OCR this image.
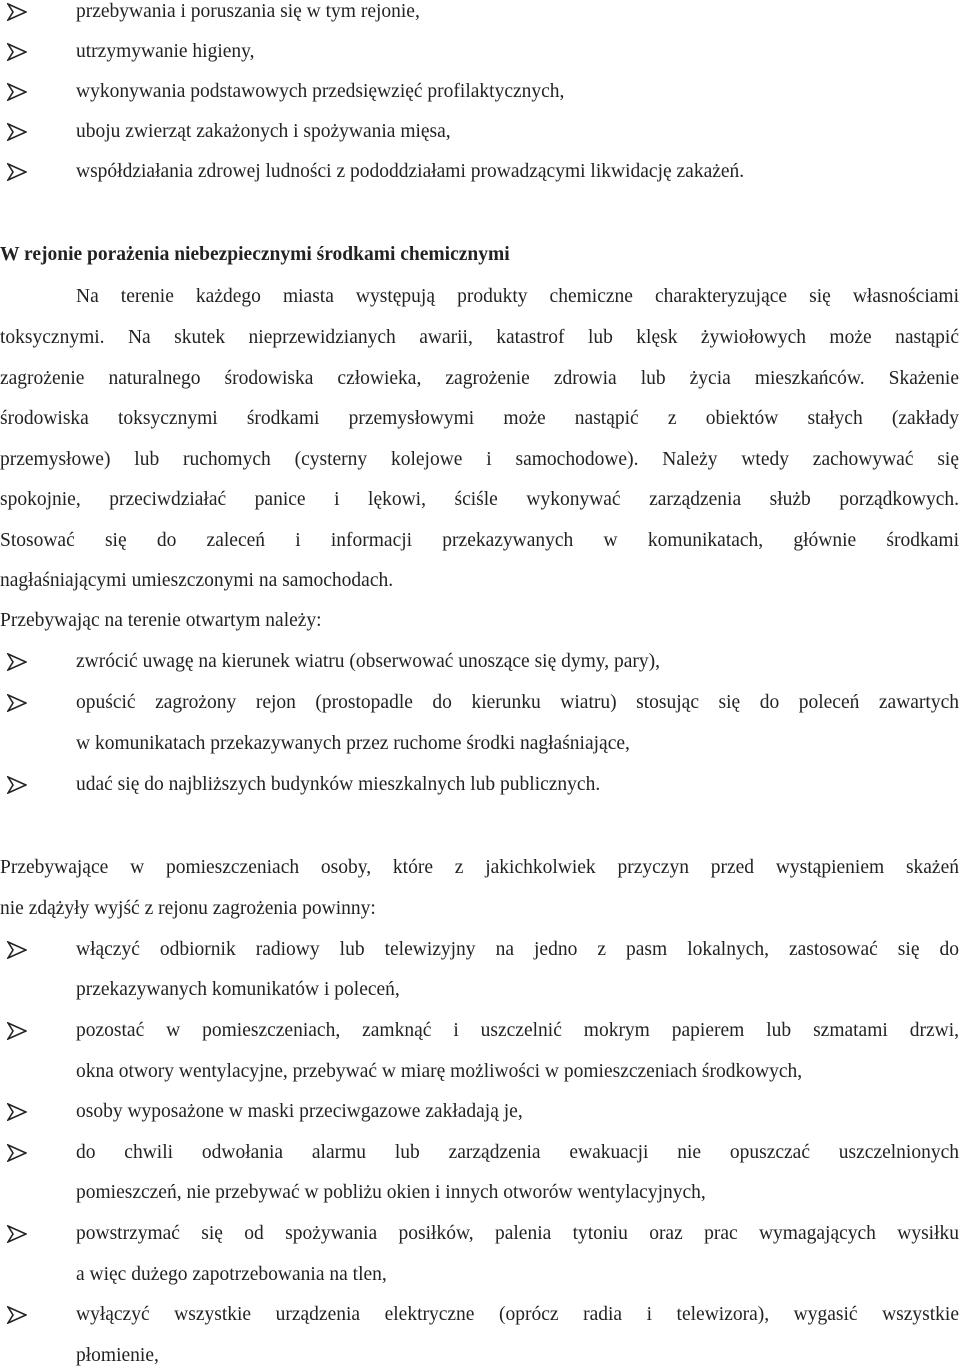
przebywania i poruszania się w tym rejonie,
utrzymywanie higieny,
wykonywania podstawowych przedsięwzięć profilaktycznych,
uboju zwierząt zakażonych i spożywania mięsa,
współdziałania zdrowej ludności z pododdziałami prowadzącymi likwidację zakażeń.
W rejonie porażenia niebezpiecznymi środkami chemicznymi
Na terenie każdego miasta występują produkty chemiczne charakteryzujące się własnościami
toksycznymi. Na skutek nieprzewidzianych awarii, katastrof lub klęsk żywiołowych może nastąpić
zagrożenie naturalnego środowiska człowieka, zagrożenie zdrowia lub życia mieszkańców. Skażenie
środowiska toksycznymi środkami przemysłowymi może nastąpić z obiektów stałych (zakłady
przemysłowe) lub ruchomych (cysterny kolejowe i samochodowe). Należy wtedy zachowywać się
spokojnie, przeciwdziałać panice i lękowi, ściśle wykonywać zarządzenia służb porządkowych.
Stosować się do zaleceń i informacji przekazywanych w komunikatach, głównie środkami
nagłaśniającymi umieszczonymi na samochodach.
Przebywając na terenie otwartym należy:
zwrócić uwagę na kierunek wiatru (obserwować unoszące się dymy, pary),
opuścić zagrożony rejon (prostopadle do kierunku wiatru) stosując się do poleceń zawartych
w komunikatach przekazywanych przez ruchome środki nagłaśniające,
udać się do najbliższych budynków mieszkalnych lub publicznych.
Przebywające w pomieszczeniach osoby, które z jakichkolwiek przyczyn przed wystąpieniem skażeń
nie zdążyły wyjść z rejonu zagrożenia powinny:
włączyć odbiornik radiowy lub telewizyjny na jedno z pasm lokalnych, zastosować się do
przekazywanych komunikatów i poleceń,
pozostać w pomieszczeniach, zamknąć i uszczelnić mokrym papierem lub szmatami drzwi,
okna otwory wentylacyjne, przebywać w miarę możliwości w pomieszczeniach środkowych,
osoby wyposażone w maski przeciwgazowe zakładają je,
do chwili odwołania alarmu lub zarządzenia ewakuacji nie opuszczać uszczelnionych
pomieszczeń, nie przebywać w pobliżu okien i innych otworów wentylacyjnych,
powstrzymać się od spożywania posiłków, palenia tytoniu oraz prac wymagających wysiłku
a więc dużego zapotrzebowania na tlen,
wyłączyć wszystkie urządzenia elektryczne (oprócz radia i telewizora), wygasić wszystkie
płomienie,
